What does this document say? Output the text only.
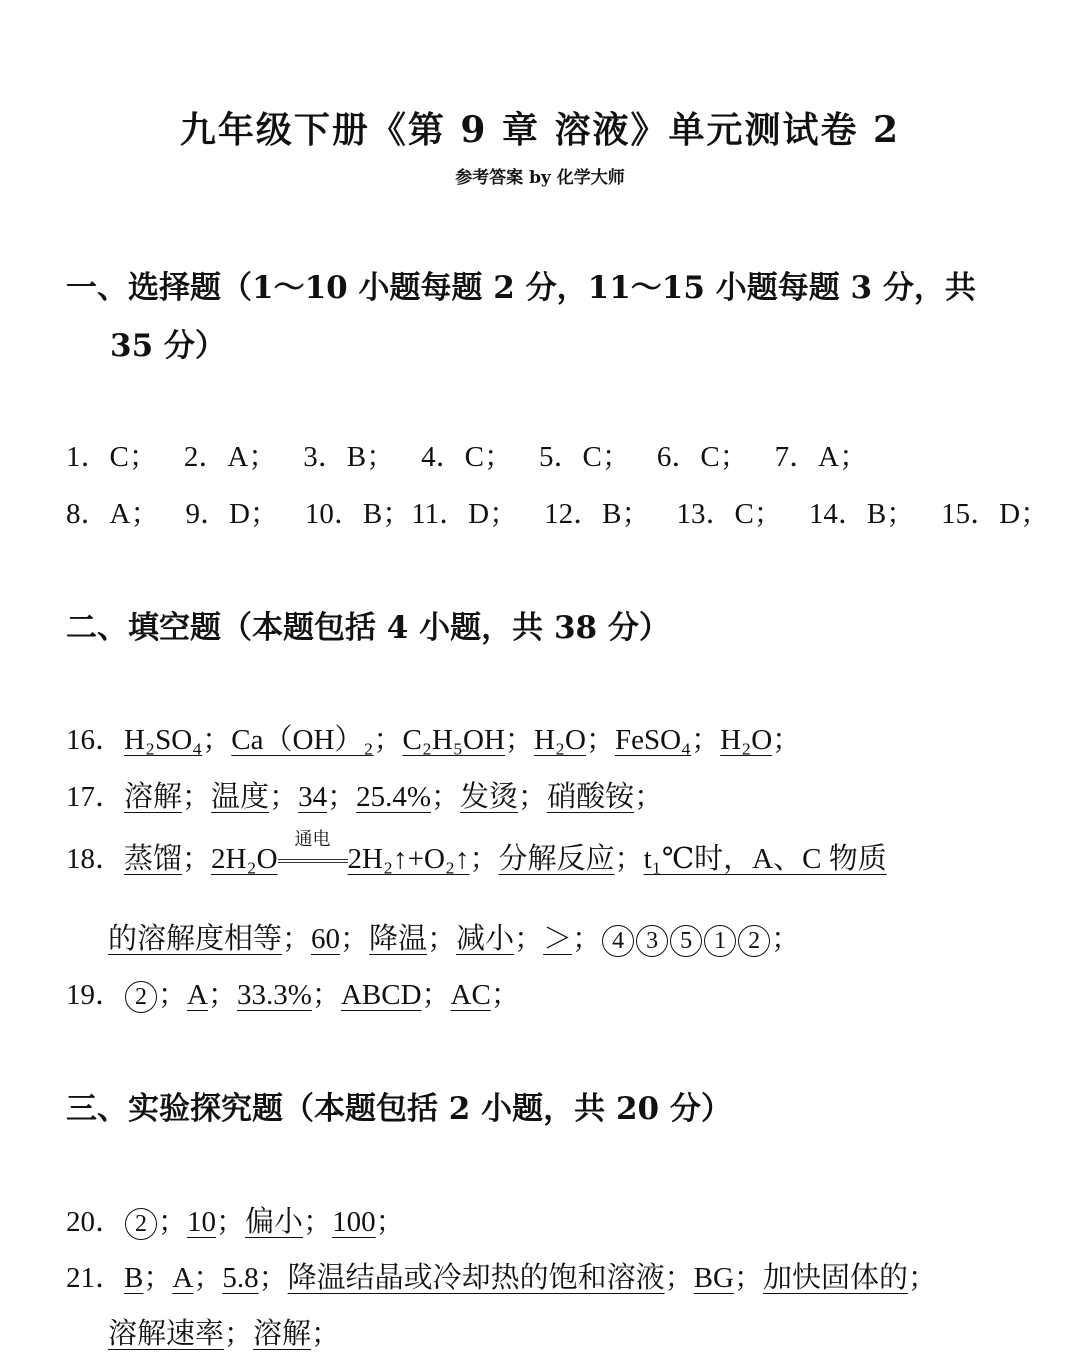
九年级下册《第 9 章 溶液》单元测试卷 2
参考答案 by 化学大师
一、选择题（1～10 小题每题 2 分，11～15 小题每题 3 分，共
35 分）
1．C； 2．A； 3．B； 4．C； 5．C； 6．C； 7．A；
8．A； 9．D； 10．B；11．D； 12．B； 13．C； 14．B； 15．D；
二、填空题（本题包括 4 小题，共 38 分）
16．H₂SO₄；Ca（OH）₂；C₂H₅OH；H₂O；FeSO₄；H₂O；
17．溶解；温度；34；25.4%；发烫；硝酸铵；
18．蒸馏；2H₂O
通电
2H₂↑+O₂↑；分解反应；t₁℃时，A、C 物质
的溶解度相等；60；降温；减小；＞； 4 3 5 1 2 ；
19． 2 ；A；33.3%；ABCD；AC；
三、实验探究题（本题包括 2 小题，共 20 分）
20． 2 ；10；偏小；100；
21．B；A；5.8；降温结晶或冷却热的饱和溶液；BG；加快固体的；
溶解速率；溶解；
